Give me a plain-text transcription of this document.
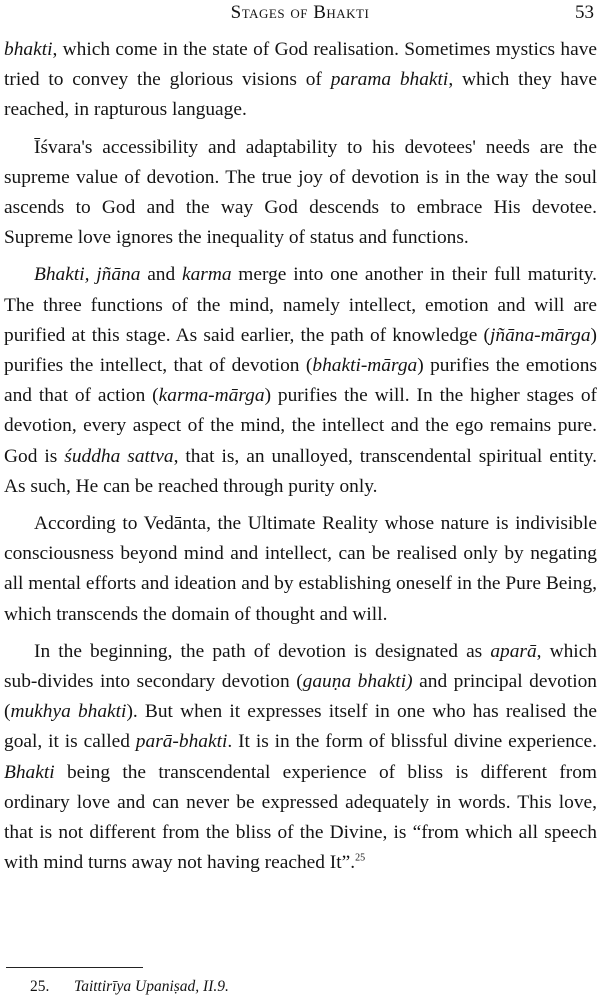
Stages of Bhakti	53

bhakti, which come in the state of God realisation. Sometimes mystics have tried to convey the glorious visions of parama bhakti, which they have reached, in rapturous language.

Īśvara's accessibility and adaptability to his devotees' needs are the supreme value of devotion. The true joy of devotion is in the way the soul ascends to God and the way God descends to embrace His devotee. Supreme love ignores the inequality of status and functions.

Bhakti, jñāna and karma merge into one another in their full maturity. The three functions of the mind, namely intellect, emotion and will are purified at this stage. As said earlier, the path of knowledge (jñāna-mārga) purifies the intellect, that of devotion (bhakti-mārga) purifies the emotions and that of action (karma-mārga) purifies the will. In the higher stages of devotion, every aspect of the mind, the intellect and the ego remains pure. God is śuddha sattva, that is, an unalloyed, transcendental spiritual entity. As such, He can be reached through purity only.

According to Vedānta, the Ultimate Reality whose nature is indivisible consciousness beyond mind and intellect, can be realised only by negating all mental efforts and ideation and by establishing oneself in the Pure Being, which transcends the domain of thought and will.

In the beginning, the path of devotion is designated as aparā, which sub-divides into secondary devotion (gauṇa bhakti) and principal devotion (mukhya bhakti). But when it expresses itself in one who has realised the goal, it is called parā-bhakti. It is in the form of blissful divine experience. Bhakti being the transcendental experience of bliss is different from ordinary love and can never be expressed adequately in words. This love, that is not different from the bliss of the Divine, is “from which all speech with mind turns away not having reached It”.$^{25}$

25. Taittirīya Upaniṣad, II.9.
